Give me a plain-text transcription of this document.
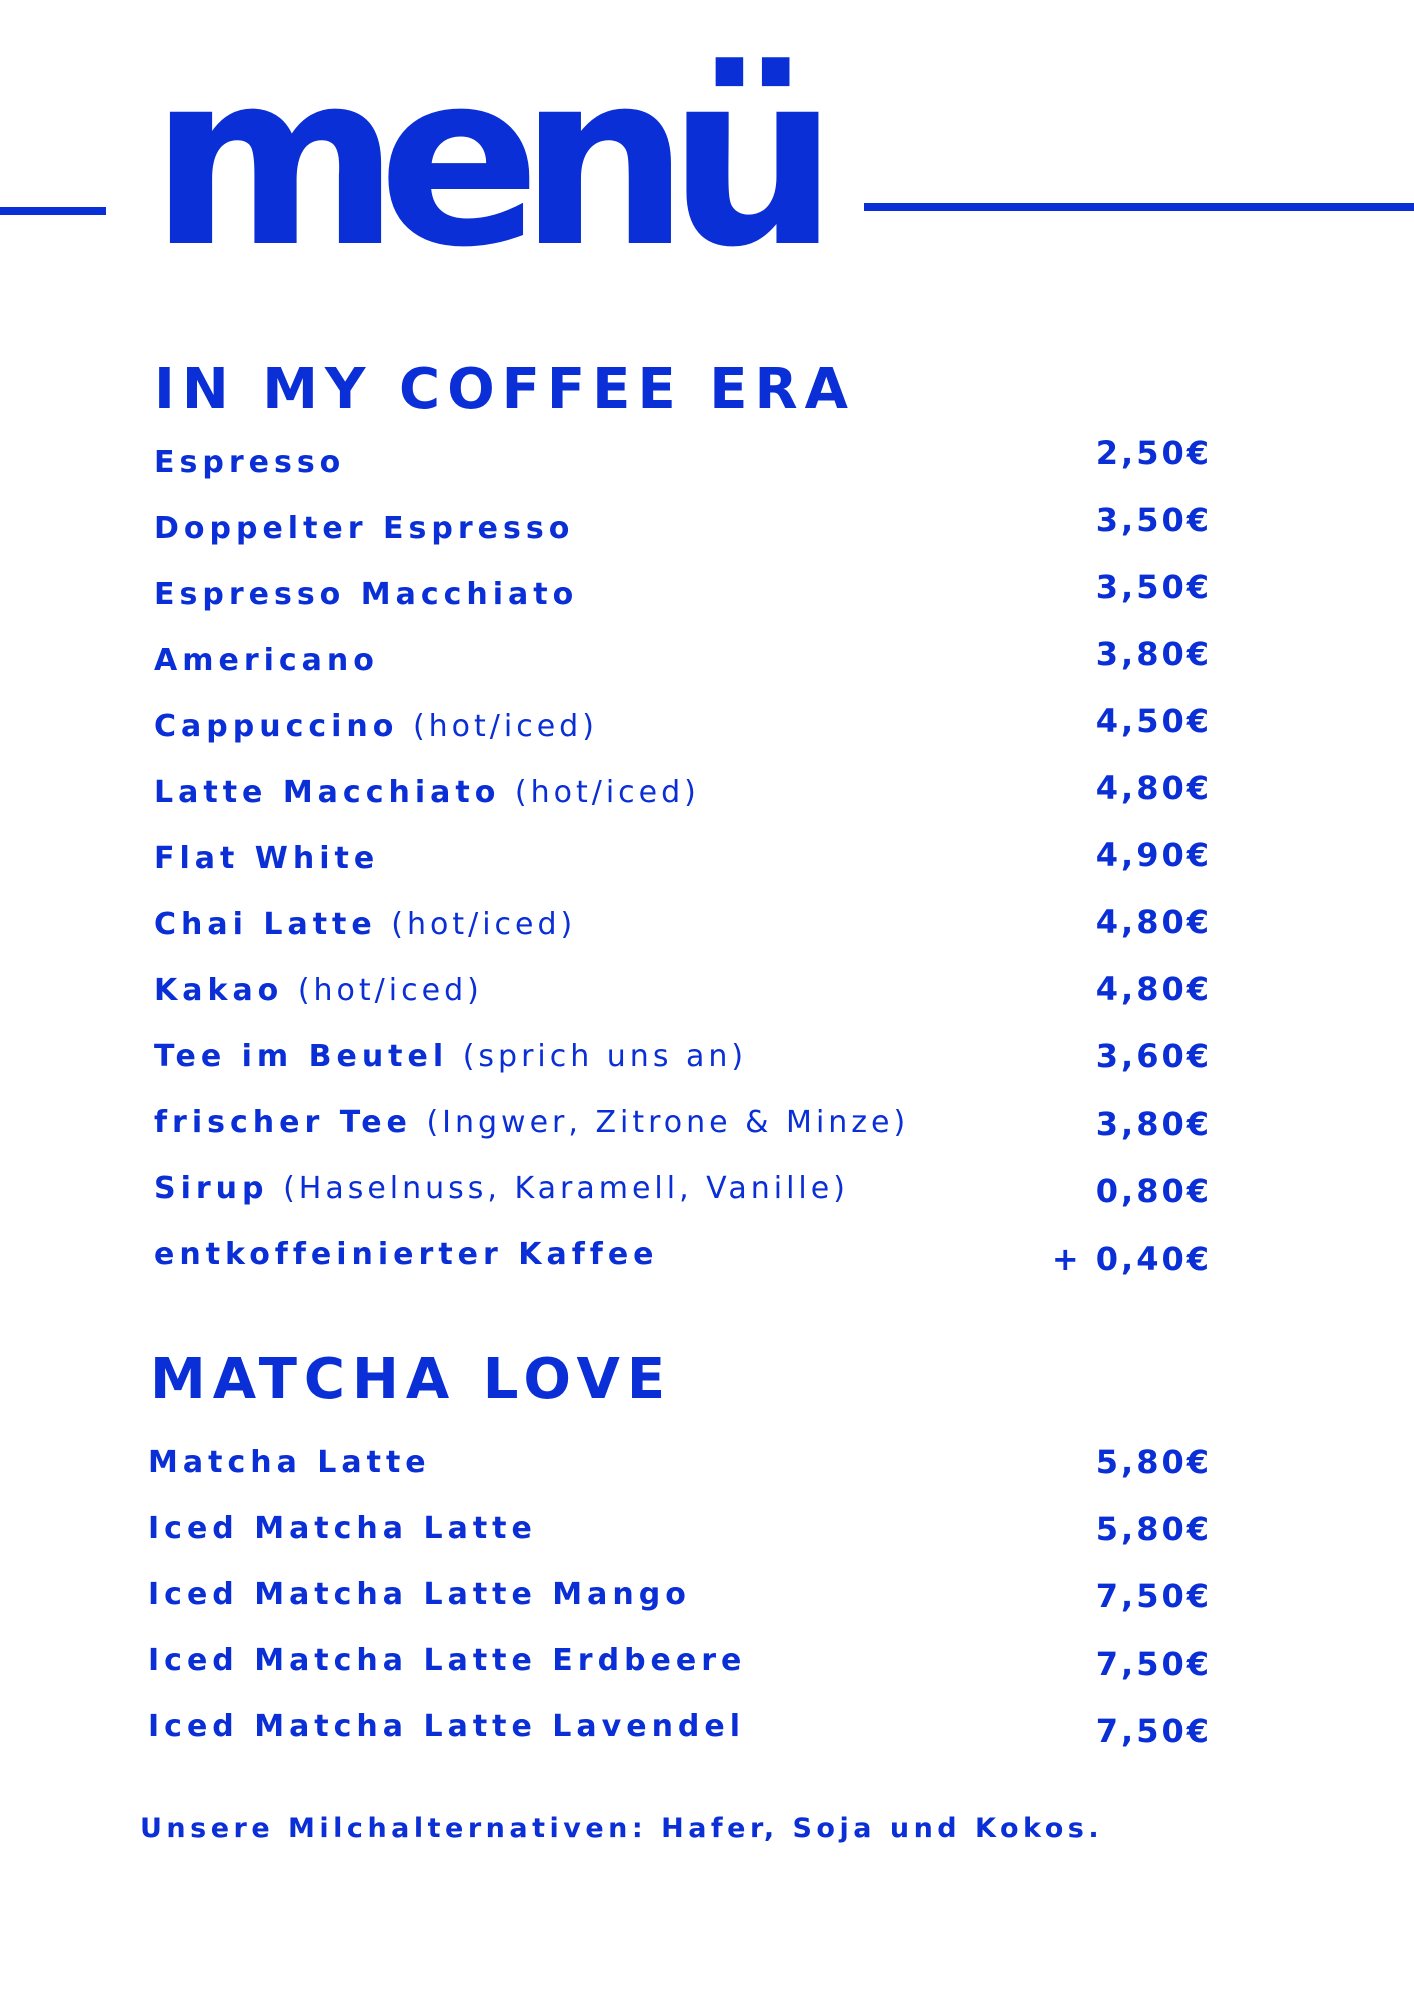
menü
IN MY COFFEE ERA
Espresso	2,50€
Doppelter Espresso	3,50€
Espresso Macchiato	3,50€
Americano	3,80€
Cappuccino (hot/iced)	4,50€
Latte Macchiato (hot/iced)	4,80€
Flat White	4,90€
Chai Latte (hot/iced)	4,80€
Kakao (hot/iced)	4,80€
Tee im Beutel (sprich uns an)	3,60€
frischer Tee (Ingwer, Zitrone & Minze)	3,80€
Sirup (Haselnuss, Karamell, Vanille)	0,80€
entkoffeinierter Kaffee	+ 0,40€
MATCHA LOVE
Matcha Latte	5,80€
Iced Matcha Latte	5,80€
Iced Matcha Latte Mango	7,50€
Iced Matcha Latte Erdbeere	7,50€
Iced Matcha Latte Lavendel	7,50€
Unsere Milchalternativen: Hafer, Soja und Kokos.
